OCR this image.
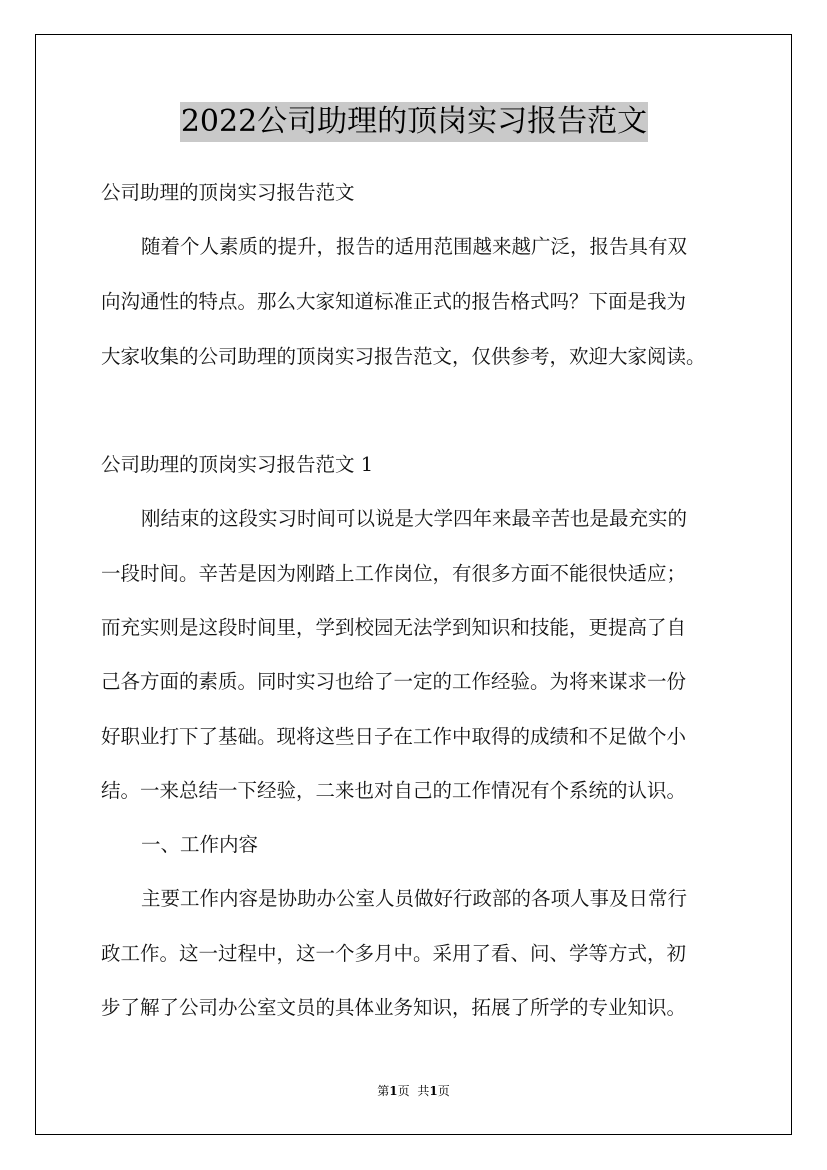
2022公司助理的顶岗实习报告范文
公司助理的顶岗实习报告范文
随着个人素质的提升，报告的适用范围越来越广泛，报告具有双
向沟通性的特点。那么大家知道标准正式的报告格式吗？下面是我为
大家收集的公司助理的顶岗实习报告范文，仅供参考，欢迎大家阅读。
公司助理的顶岗实习报告范文 1
刚结束的这段实习时间可以说是大学四年来最辛苦也是最充实的
一段时间。辛苦是因为刚踏上工作岗位，有很多方面不能很快适应；
而充实则是这段时间里，学到校园无法学到知识和技能，更提高了自
己各方面的素质。同时实习也给了一定的工作经验。为将来谋求一份
好职业打下了基础。现将这些日子在工作中取得的成绩和不足做个小
结。一来总结一下经验，二来也对自己的工作情况有个系统的认识。
一、工作内容
主要工作内容是协助办公室人员做好行政部的各项人事及日常行
政工作。这一过程中，这一个多月中。采用了看、问、学等方式，初
步了解了公司办公室文员的具体业务知识，拓展了所学的专业知识。
第1页 共1页
